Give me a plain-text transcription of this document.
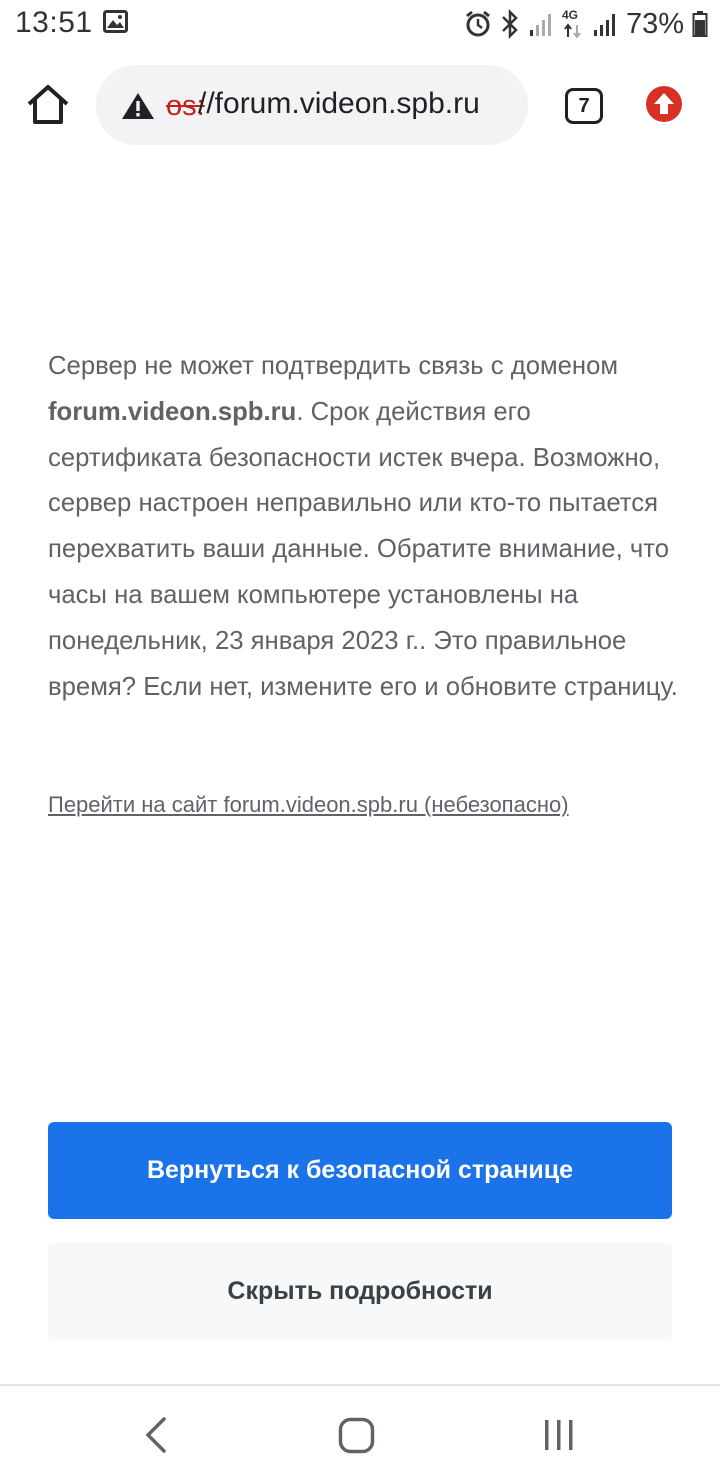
13:51	4G 73%
os:
//forum.videon.spb.ru	7

Сервер не может подтвердить связь с доменом forum.videon.spb.ru. Срок действия его сертификата безопасности истек вчера. Возможно, сервер настроен неправильно или кто-то пытается перехватить ваши данные. Обратите внимание, что часы на вашем компьютере установлены на понедельник, 23 января 2023 г.. Это правильное время? Если нет, измените его и обновите страницу.

Перейти на сайт forum.videon.spb.ru (небезопасно)
Вернуться к безопасной странице
Скрыть подробности
